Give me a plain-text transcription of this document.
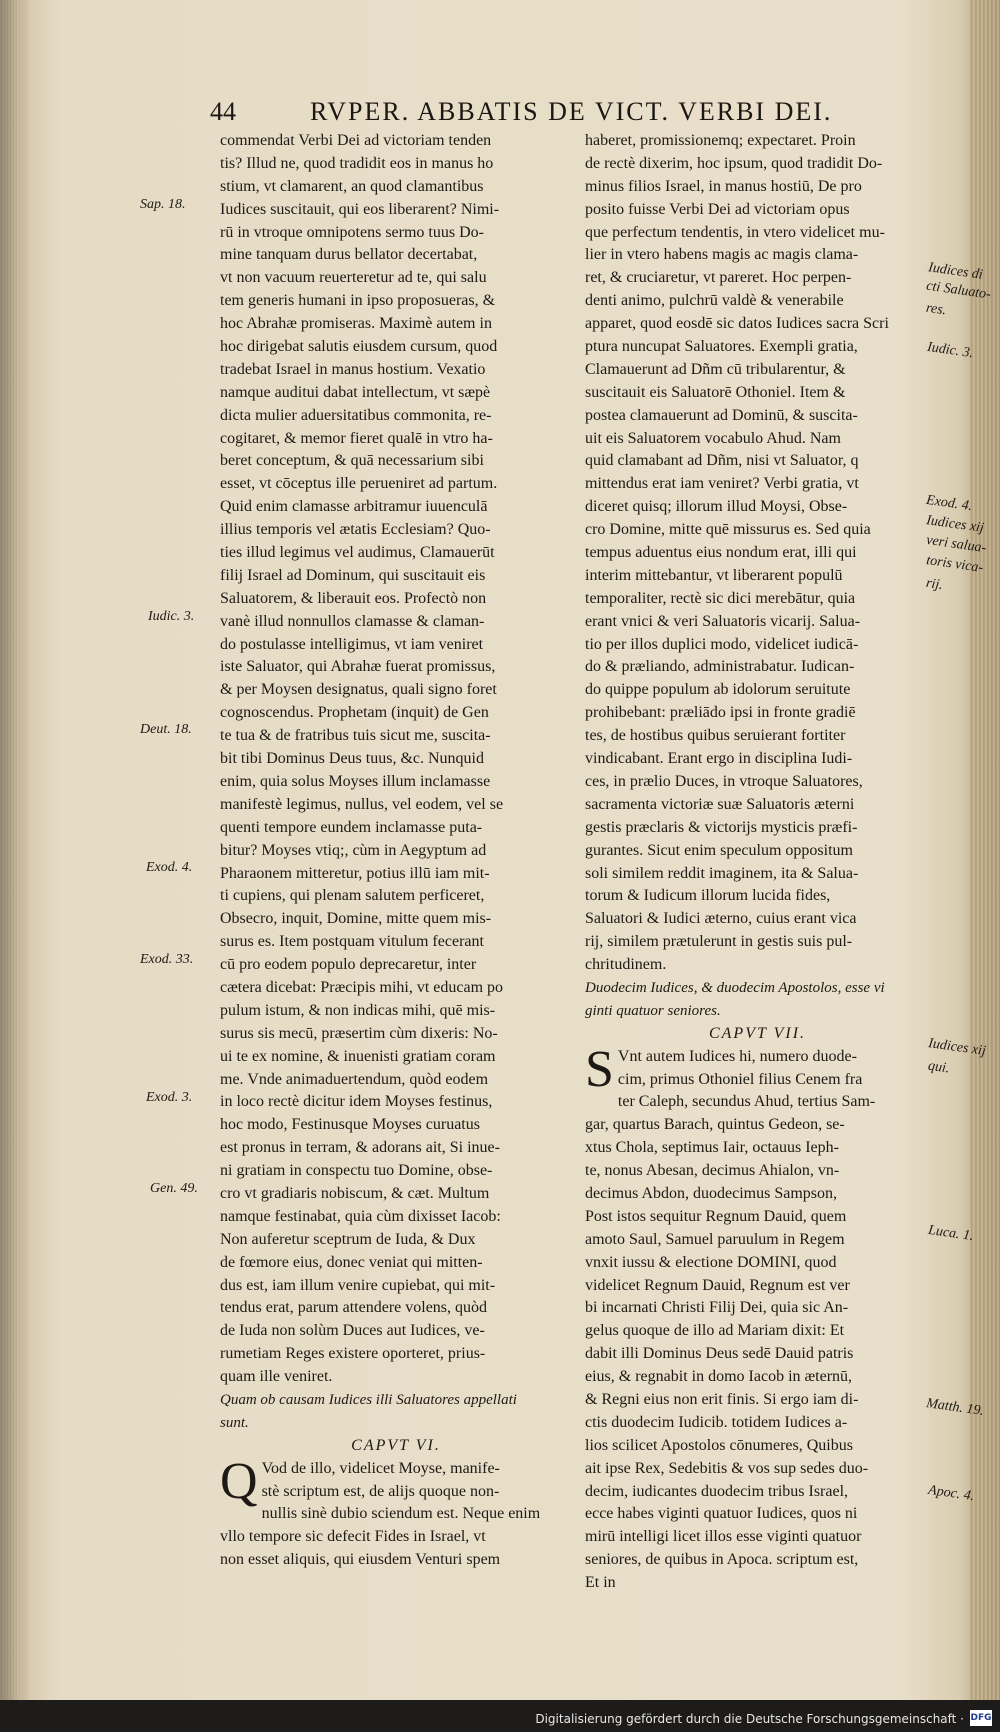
44	RVPER. ABBATIS DE VICT. VERBI DEI.
commendat Verbi Dei ad victoriam tenden
tis? Illud ne, quod tradidit eos in manus ho
stium, vt clamarent, an quod clamantibus
Iudices suscitauit, qui eos liberarent? Nimi-
rū in vtroque omnipotens sermo tuus Do-
mine tanquam durus bellator decertabat,
vt non vacuum reuerteretur ad te, qui salu
tem generis humani in ipso proposueras, &
hoc Abrahæ promiseras. Maximè autem in
hoc dirigebat salutis eiusdem cursum, quod
tradebat Israel in manus hostium. Vexatio
namque auditui dabat intellectum, vt sæpè
dicta mulier aduersitatibus commonita, re-
cogitaret, & memor fieret qualē in vtro ha-
beret conceptum, & quā necessarium sibi
esset, vt cōceptus ille perueniret ad partum.
Quid enim clamasse arbitramur iuuenculā
illius temporis vel ætatis Ecclesiam? Quo-
ties illud legimus vel audimus, Clamauerūt
filij Israel ad Dominum, qui suscitauit eis
Saluatorem, & liberauit eos. Profectò non
vanè illud nonnullos clamasse & claman-
do postulasse intelligimus, vt iam veniret
iste Saluator, qui Abrahæ fuerat promissus,
& per Moysen designatus, quali signo foret
cognoscendus. Prophetam (inquit) de Gen
te tua & de fratribus tuis sicut me, suscita-
bit tibi Dominus Deus tuus, &c. Nunquid
enim, quia solus Moyses illum inclamasse
manifestè legimus, nullus, vel eodem, vel se
quenti tempore eundem inclamasse puta-
bitur? Moyses vtiq;, cùm in Aegyptum ad
Pharaonem mitteretur, potius illū iam mit-
ti cupiens, qui plenam salutem perficeret,
Obsecro, inquit, Domine, mitte quem mis-
surus es. Item postquam vitulum fecerant
cū pro eodem populo deprecaretur, inter
cætera dicebat: Præcipis mihi, vt educam po
pulum istum, & non indicas mihi, quē mis-
surus sis mecū, præsertim cùm dixeris: No-
ui te ex nomine, & inuenisti gratiam coram
me. Vnde animaduertendum, quòd eodem
in loco rectè dicitur idem Moyses festinus,
hoc modo, Festinusque Moyses curuatus
est pronus in terram, & adorans ait, Si inue-
ni gratiam in conspectu tuo Domine, obse-
cro vt gradiaris nobiscum, & cæt. Multum
namque festinabat, quia cùm dixisset Iacob:
Non auferetur sceptrum de Iuda, & Dux
de fœmore eius, donec veniat qui mitten-
dus est, iam illum venire cupiebat, qui mit-
tendus erat, parum attendere volens, quòd
de Iuda non solùm Duces aut Iudices, ve-
rumetiam Reges existere oporteret, prius-
quam ille veniret.
Quam ob causam Iudices illi Saluatores appellati
sunt.
CAPVT VI.
Q Vod de illo, videlicet Moyse, manife-
stè scriptum est, de alijs quoque non-
nullis sinè dubio sciendum est. Neque enim
vllo tempore sic defecit Fides in Israel, vt
non esset aliquis, qui eiusdem Venturi spem
haberet, promissionemq; expectaret. Proin
de rectè dixerim, hoc ipsum, quod tradidit Do-
minus filios Israel, in manus hostiū, De pro
posito fuisse Verbi Dei ad victoriam opus
que perfectum tendentis, in vtero videlicet mu-
lier in vtero habens magis ac magis clama-
ret, & cruciaretur, vt pareret. Hoc perpen-
denti animo, pulchrū valdè & venerabile
apparet, quod eosdē sic datos Iudices sacra Scri
ptura nuncupat Saluatores. Exempli gratia,
Clamauerunt ad Dñm cū tribularentur, &
suscitauit eis Saluatorē Othoniel. Item &
postea clamauerunt ad Dominū, & suscita-
uit eis Saluatorem vocabulo Ahud. Nam
quid clamabant ad Dñm, nisi vt Saluator, q
mittendus erat iam veniret? Verbi gratia, vt
diceret quisq; illorum illud Moysi, Obse-
cro Domine, mitte quē missurus es. Sed quia
tempus aduentus eius nondum erat, illi qui
interim mittebantur, vt liberarent populū
temporaliter, rectè sic dici merebātur, quia
erant vnici & veri Saluatoris vicarij. Salua-
tio per illos duplici modo, videlicet iudicā-
do & præliando, administrabatur. Iudican-
do quippe populum ab idolorum seruitute
prohibebant: præliādo ipsi in fronte gradiē
tes, de hostibus quibus seruierant fortiter
vindicabant. Erant ergo in disciplina Iudi-
ces, in prælio Duces, in vtroque Saluatores,
sacramenta victoriæ suæ Saluatoris æterni
gestis præclaris & victorijs mysticis præfi-
gurantes. Sicut enim speculum oppositum
soli similem reddit imaginem, ita & Salua-
torum & Iudicum illorum lucida fides,
Saluatori & Iudici æterno, cuius erant vica
rij, similem prætulerunt in gestis suis pul-
chritudinem.
Duodecim Iudices, & duodecim Apostolos, esse vi
ginti quatuor seniores.
CAPVT VII.
S Vnt autem Iudices hi, numero duode-
cim, primus Othoniel filius Cenem fra
ter Caleph, secundus Ahud, tertius Sam-
gar, quartus Barach, quintus Gedeon, se-
xtus Chola, septimus Iair, octauus Ieph-
te, nonus Abesan, decimus Ahialon, vn-
decimus Abdon, duodecimus Sampson,
Post istos sequitur Regnum Dauid, quem
amoto Saul, Samuel paruulum in Regem
vnxit iussu & electione DOMINI, quod
videlicet Regnum Dauid, Regnum est ver
bi incarnati Christi Filij Dei, quia sic An-
gelus quoque de illo ad Mariam dixit: Et
dabit illi Dominus Deus sedē Dauid patris
eius, & regnabit in domo Iacob in æternū,
& Regni eius non erit finis. Si ergo iam di-
ctis duodecim Iudicib. totidem Iudices a-
lios scilicet Apostolos cōnumeres, Quibus
ait ipse Rex, Sedebitis & vos sup sedes duo-
decim, iudicantes duodecim tribus Israel,
ecce habes viginti quatuor Iudices, quos ni
mirū intelligi licet illos esse viginti quatuor
seniores, de quibus in Apoca. scriptum est,
Et in
Sap. 18.
Iudic. 3.
Deut. 18.
Exod. 4.
Exod. 33.
Exod. 3.
Gen. 49.
Iudices di
cti Saluato-
res.
Iudic. 3.
Exod. 4.
Iudices xij
veri salua-
toris vica-
rij.
Iudices xij
qui.
Luca. 1.
Matth. 19.
Apoc. 4.
Digitalisierung gefördert durch die Deutsche Forschungsgemeinschaft · DFG
